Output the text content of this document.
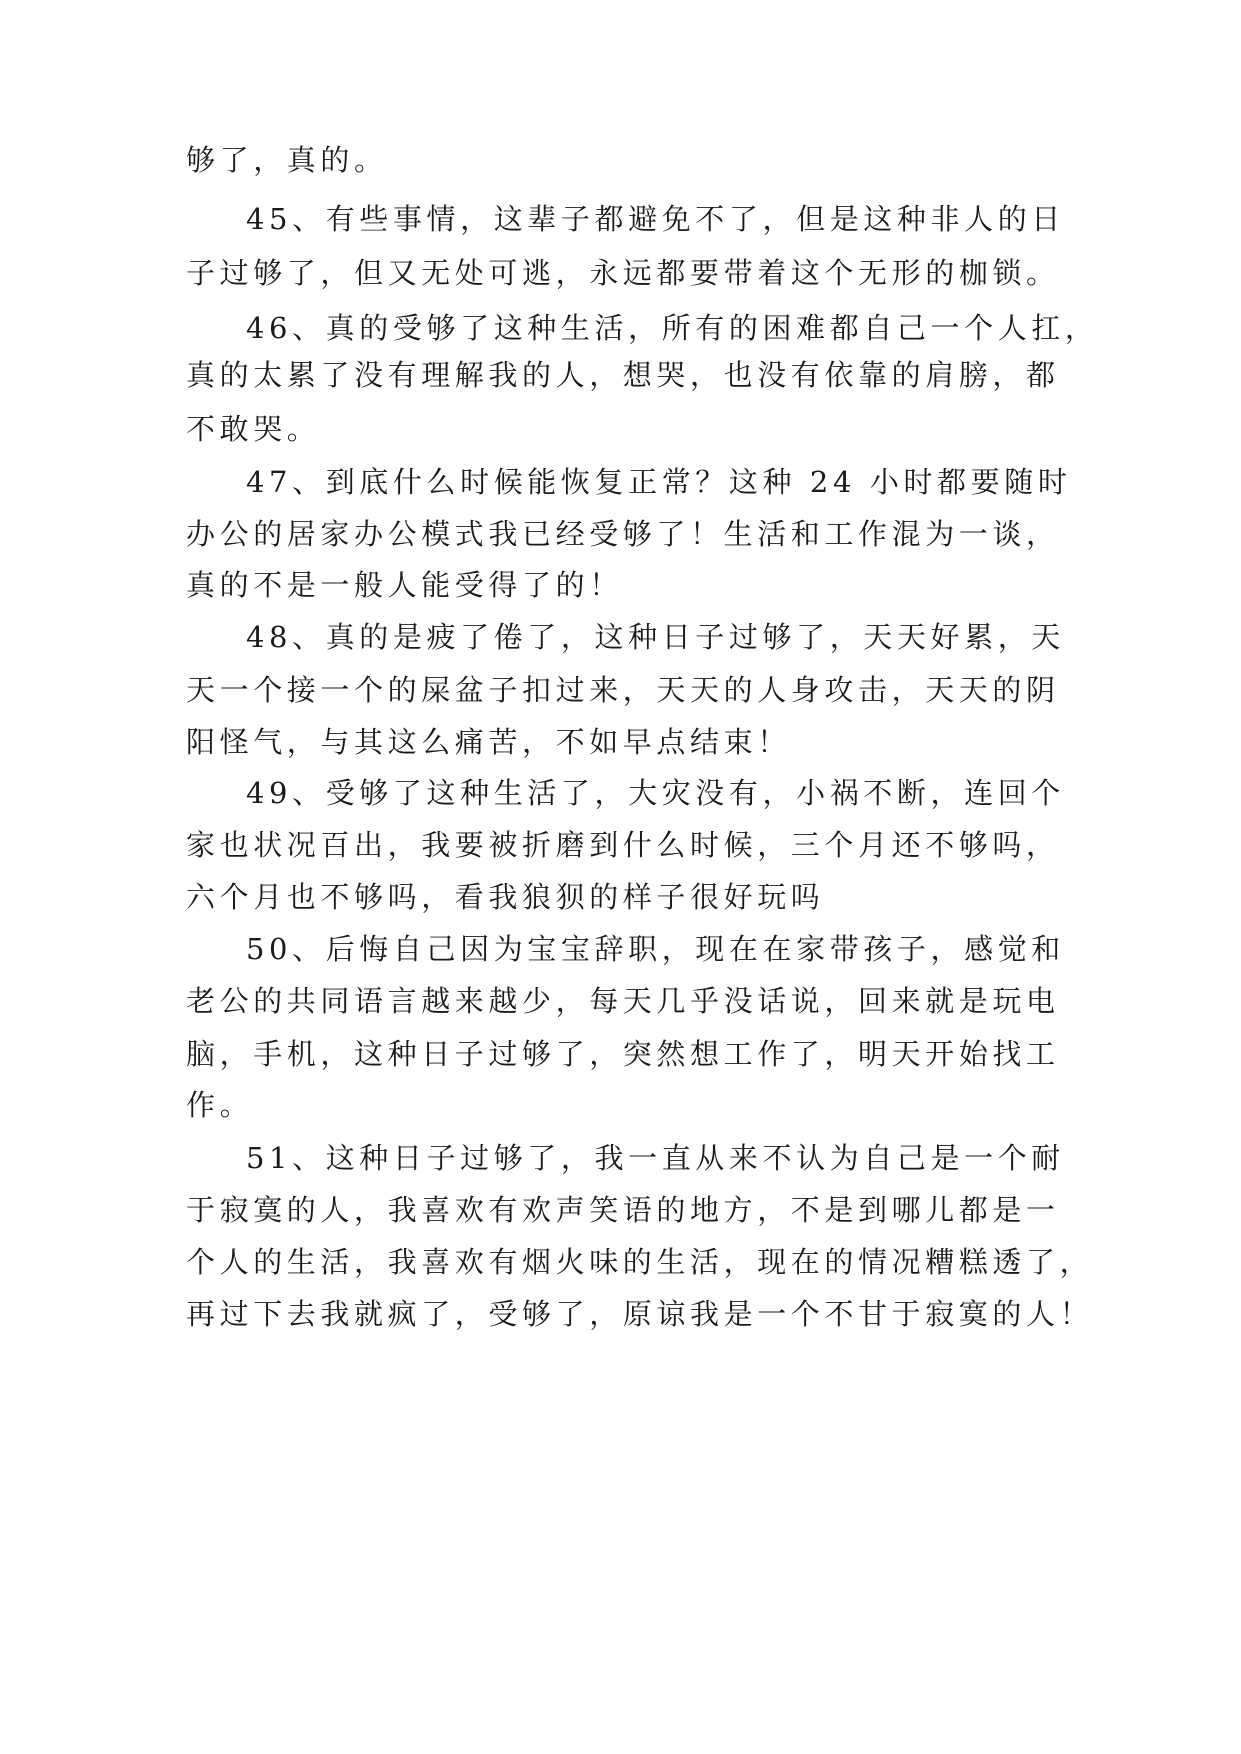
够了，真的。
45、有些事情，这辈子都避免不了，但是这种非人的日
子过够了，但又无处可逃，永远都要带着这个无形的枷锁。
46、真的受够了这种生活，所有的困难都自己一个人扛，
真的太累了没有理解我的人，想哭，也没有依靠的肩膀，都
不敢哭。
47、到底什么时候能恢复正常？这种 24 小时都要随时
办公的居家办公模式我已经受够了！生活和工作混为一谈，
真的不是一般人能受得了的！
48、真的是疲了倦了，这种日子过够了，天天好累，天
天一个接一个的屎盆子扣过来，天天的人身攻击，天天的阴
阳怪气，与其这么痛苦，不如早点结束！
49、受够了这种生活了，大灾没有，小祸不断，连回个
家也状况百出，我要被折磨到什么时候，三个月还不够吗，
六个月也不够吗，看我狼狈的样子很好玩吗
50、后悔自己因为宝宝辞职，现在在家带孩子，感觉和
老公的共同语言越来越少，每天几乎没话说，回来就是玩电
脑，手机，这种日子过够了，突然想工作了，明天开始找工
作。
51、这种日子过够了，我一直从来不认为自己是一个耐
于寂寞的人，我喜欢有欢声笑语的地方，不是到哪儿都是一
个人的生活，我喜欢有烟火味的生活，现在的情况糟糕透了，
再过下去我就疯了，受够了，原谅我是一个不甘于寂寞的人！
